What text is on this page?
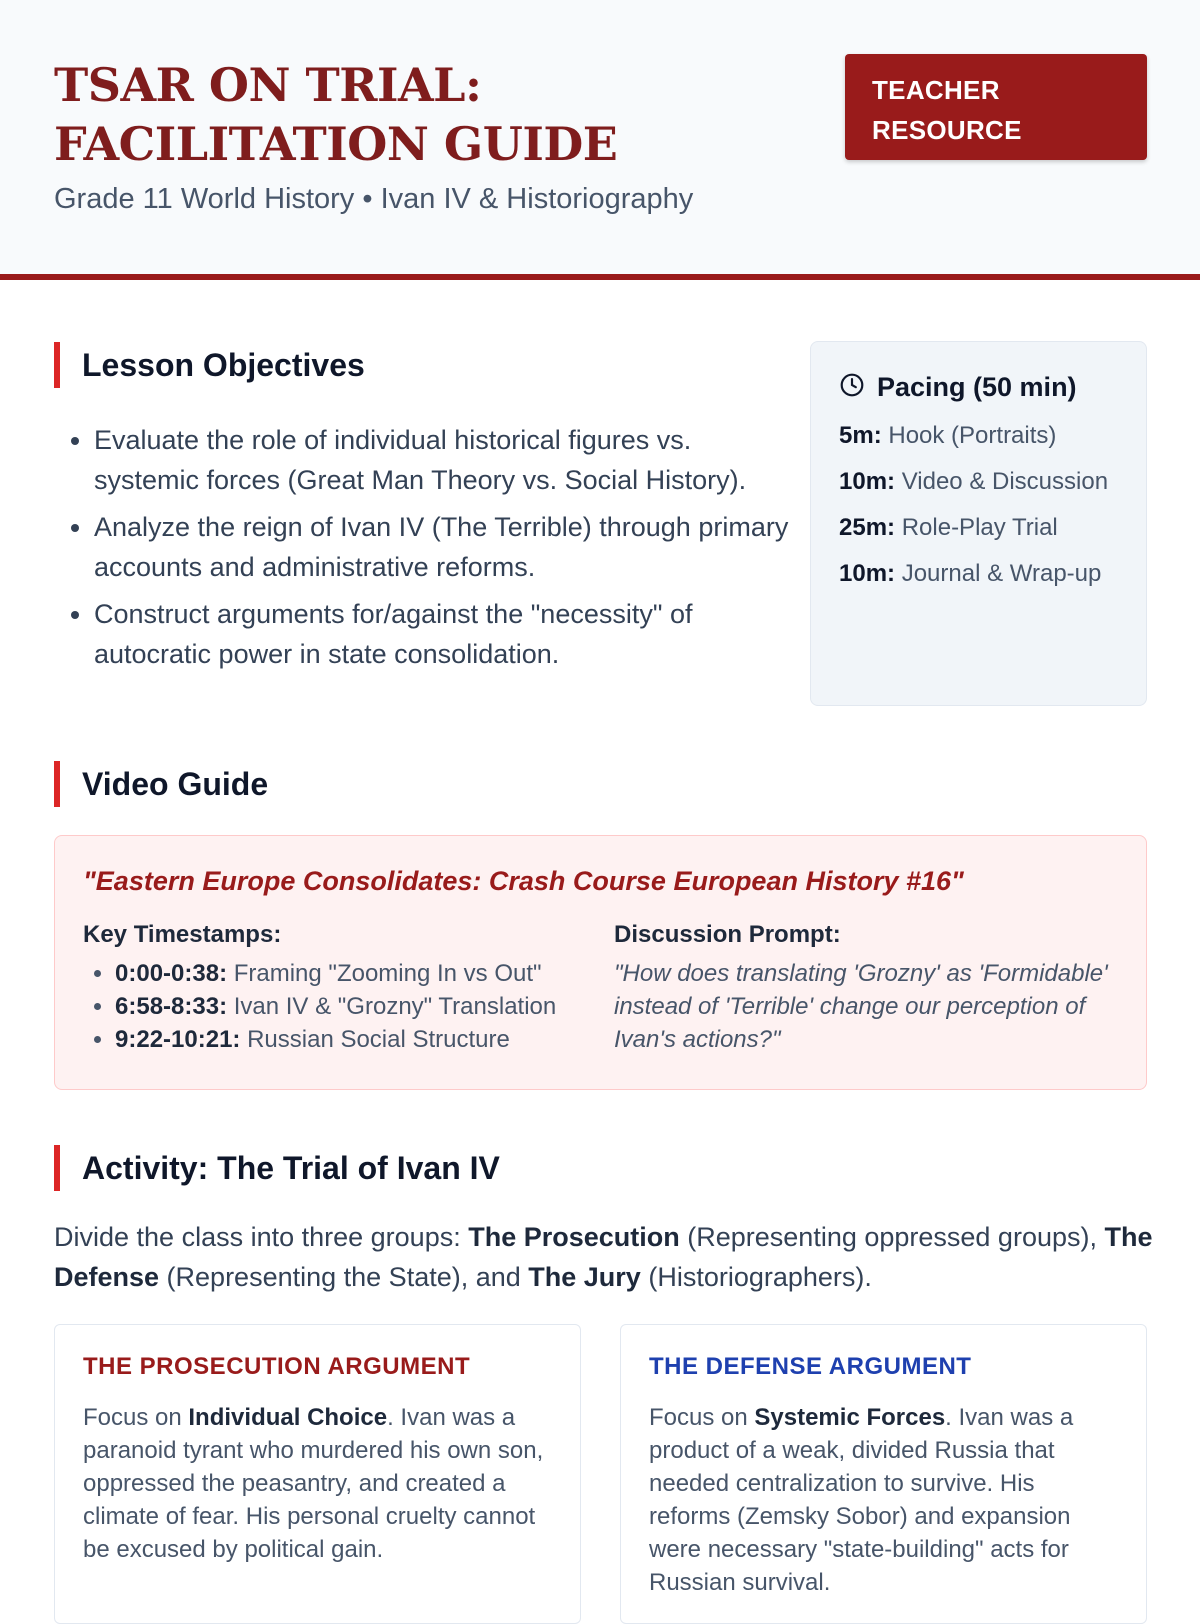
TSAR ON TRIAL: FACILITATION GUIDE
Grade 11 World History • Ivan IV & Historiography
TEACHER RESOURCE
Lesson Objectives
• Evaluate the role of individual historical figures vs. systemic forces (Great Man Theory vs. Social History).
• Analyze the reign of Ivan IV (The Terrible) through primary accounts and administrative reforms.
• Construct arguments for/against the "necessity" of autocratic power in state consolidation.
Pacing (50 min)
5m: Hook (Portraits)
10m: Video & Discussion
25m: Role-Play Trial
10m: Journal & Wrap-up
Video Guide
"Eastern Europe Consolidates: Crash Course European History #16"
Key Timestamps:
• 0:00-0:38: Framing "Zooming In vs Out"
• 6:58-8:33: Ivan IV & "Grozny" Translation
• 9:22-10:21: Russian Social Structure
Discussion Prompt:
"How does translating 'Grozny' as 'Formidable' instead of 'Terrible' change our perception of Ivan's actions?"
Activity: The Trial of Ivan IV
Divide the class into three groups: The Prosecution (Representing oppressed groups), The Defense (Representing the State), and The Jury (Historiographers).
THE PROSECUTION ARGUMENT
Focus on Individual Choice. Ivan was a paranoid tyrant who murdered his own son, oppressed the peasantry, and created a climate of fear. His personal cruelty cannot be excused by political gain.
THE DEFENSE ARGUMENT
Focus on Systemic Forces. Ivan was a product of a weak, divided Russia that needed centralization to survive. His reforms (Zemsky Sobor) and expansion were necessary "state-building" acts for Russian survival.
